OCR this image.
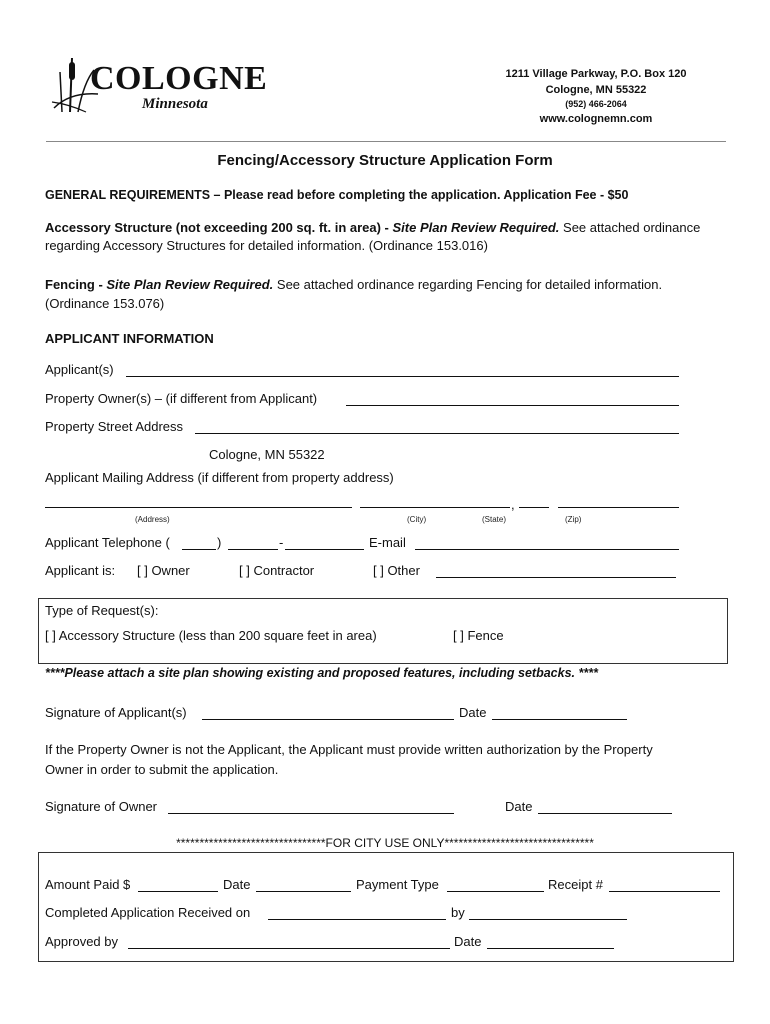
COLOGNE
Minnesota
1211 Village Parkway, P.O. Box 120
Cologne, MN 55322
(952) 466-2064
www.colognemn.com
Fencing/Accessory Structure Application Form
GENERAL REQUIREMENTS – Please read before completing the application. Application Fee - $50
Accessory Structure (not exceeding 200 sq. ft. in area) - Site Plan Review Required. See attached ordinance
regarding Accessory Structures for detailed information. (Ordinance 153.016)
Fencing - Site Plan Review Required. See attached ordinance regarding Fencing for detailed information.
(Ordinance 153.076)
APPLICANT INFORMATION
Applicant(s)
Property Owner(s) – (if different from Applicant)
Property Street Address
Cologne, MN 55322
Applicant Mailing Address (if different from property address)
,
(Address)	(City)	(State)	(Zip)
Applicant Telephone (	)	-	E-mail
Applicant is: [ ] Owner	[ ] Contractor	[ ] Other
Type of Request(s):
[ ] Accessory Structure (less than 200 square feet in area)	[ ] Fence
****Please attach a site plan showing existing and proposed features, including setbacks. ****
Signature of Applicant(s)	Date
If the Property Owner is not the Applicant, the Applicant must provide written authorization by the Property
Owner in order to submit the application.
Signature of Owner	Date
********************************FOR CITY USE ONLY********************************
Amount Paid $	Date	Payment Type	Receipt #
Completed Application Received on	by
Approved by	Date
